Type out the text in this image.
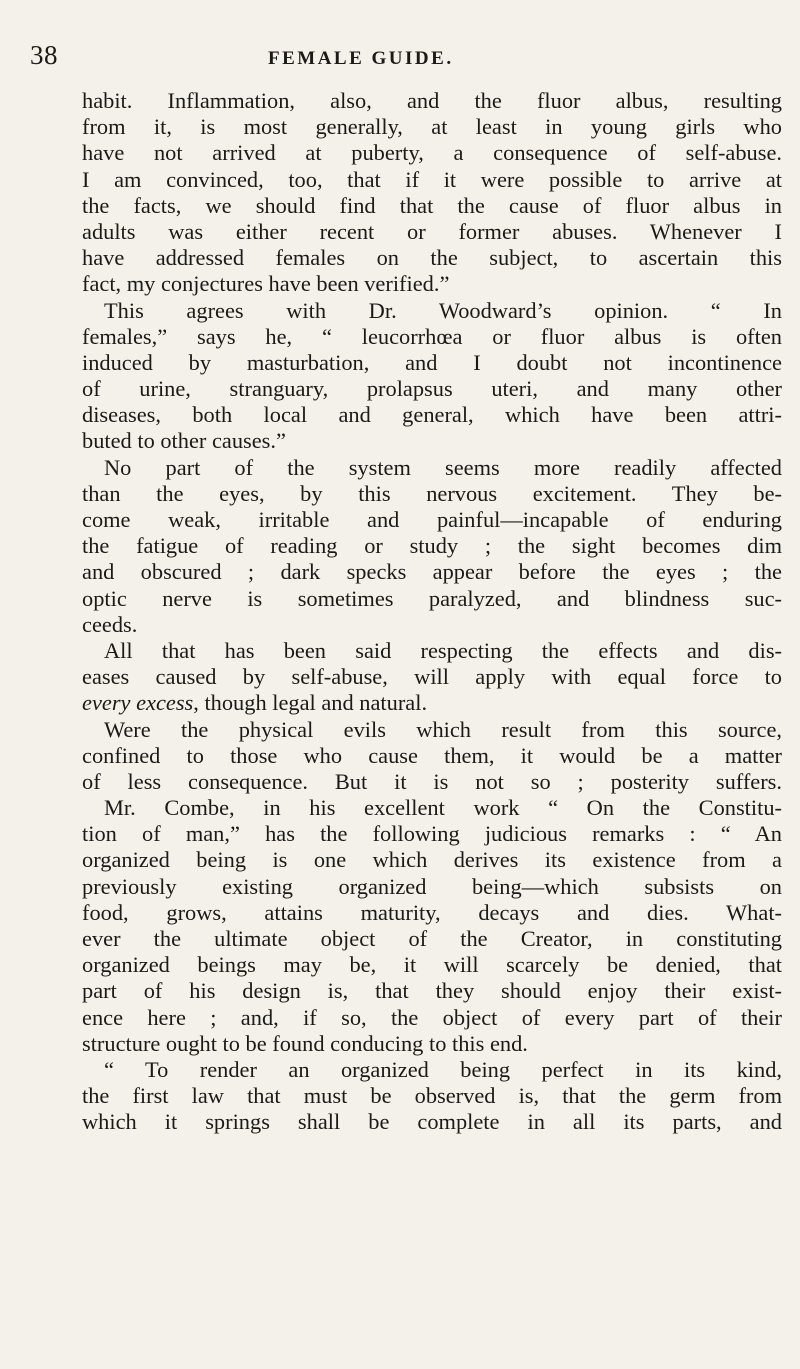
38	FEMALE GUIDE.
habit. Inflammation, also, and the fluor albus, resulting
from it, is most generally, at least in young girls who
have not arrived at puberty, a consequence of self-abuse.
I am convinced, too, that if it were possible to arrive at
the facts, we should find that the cause of fluor albus in
adults was either recent or former abuses. Whenever I
have addressed females on the subject, to ascertain this
fact, my conjectures have been verified.”
This agrees with Dr. Woodward’s opinion. “ In
females,” says he, “ leucorrhœa or fluor albus is often
induced by masturbation, and I doubt not incontinence
of urine, stranguary, prolapsus uteri, and many other
diseases, both local and general, which have been attri-
buted to other causes.”
No part of the system seems more readily affected
than the eyes, by this nervous excitement. They be-
come weak, irritable and painful—incapable of enduring
the fatigue of reading or study ; the sight becomes dim
and obscured ; dark specks appear before the eyes ; the
optic nerve is sometimes paralyzed, and blindness suc-
ceeds.
All that has been said respecting the effects and dis-
eases caused by self-abuse, will apply with equal force to
every excess, though legal and natural.
Were the physical evils which result from this source,
confined to those who cause them, it would be a matter
of less consequence. But it is not so ; posterity suffers.
Mr. Combe, in his excellent work “ On the Constitu-
tion of man,” has the following judicious remarks : “ An
organized being is one which derives its existence from a
previously existing organized being—which subsists on
food, grows, attains maturity, decays and dies. What-
ever the ultimate object of the Creator, in constituting
organized beings may be, it will scarcely be denied, that
part of his design is, that they should enjoy their exist-
ence here ; and, if so, the object of every part of their
structure ought to be found conducing to this end.
“ To render an organized being perfect in its kind,
the first law that must be observed is, that the germ from
which it springs shall be complete in all its parts, and
